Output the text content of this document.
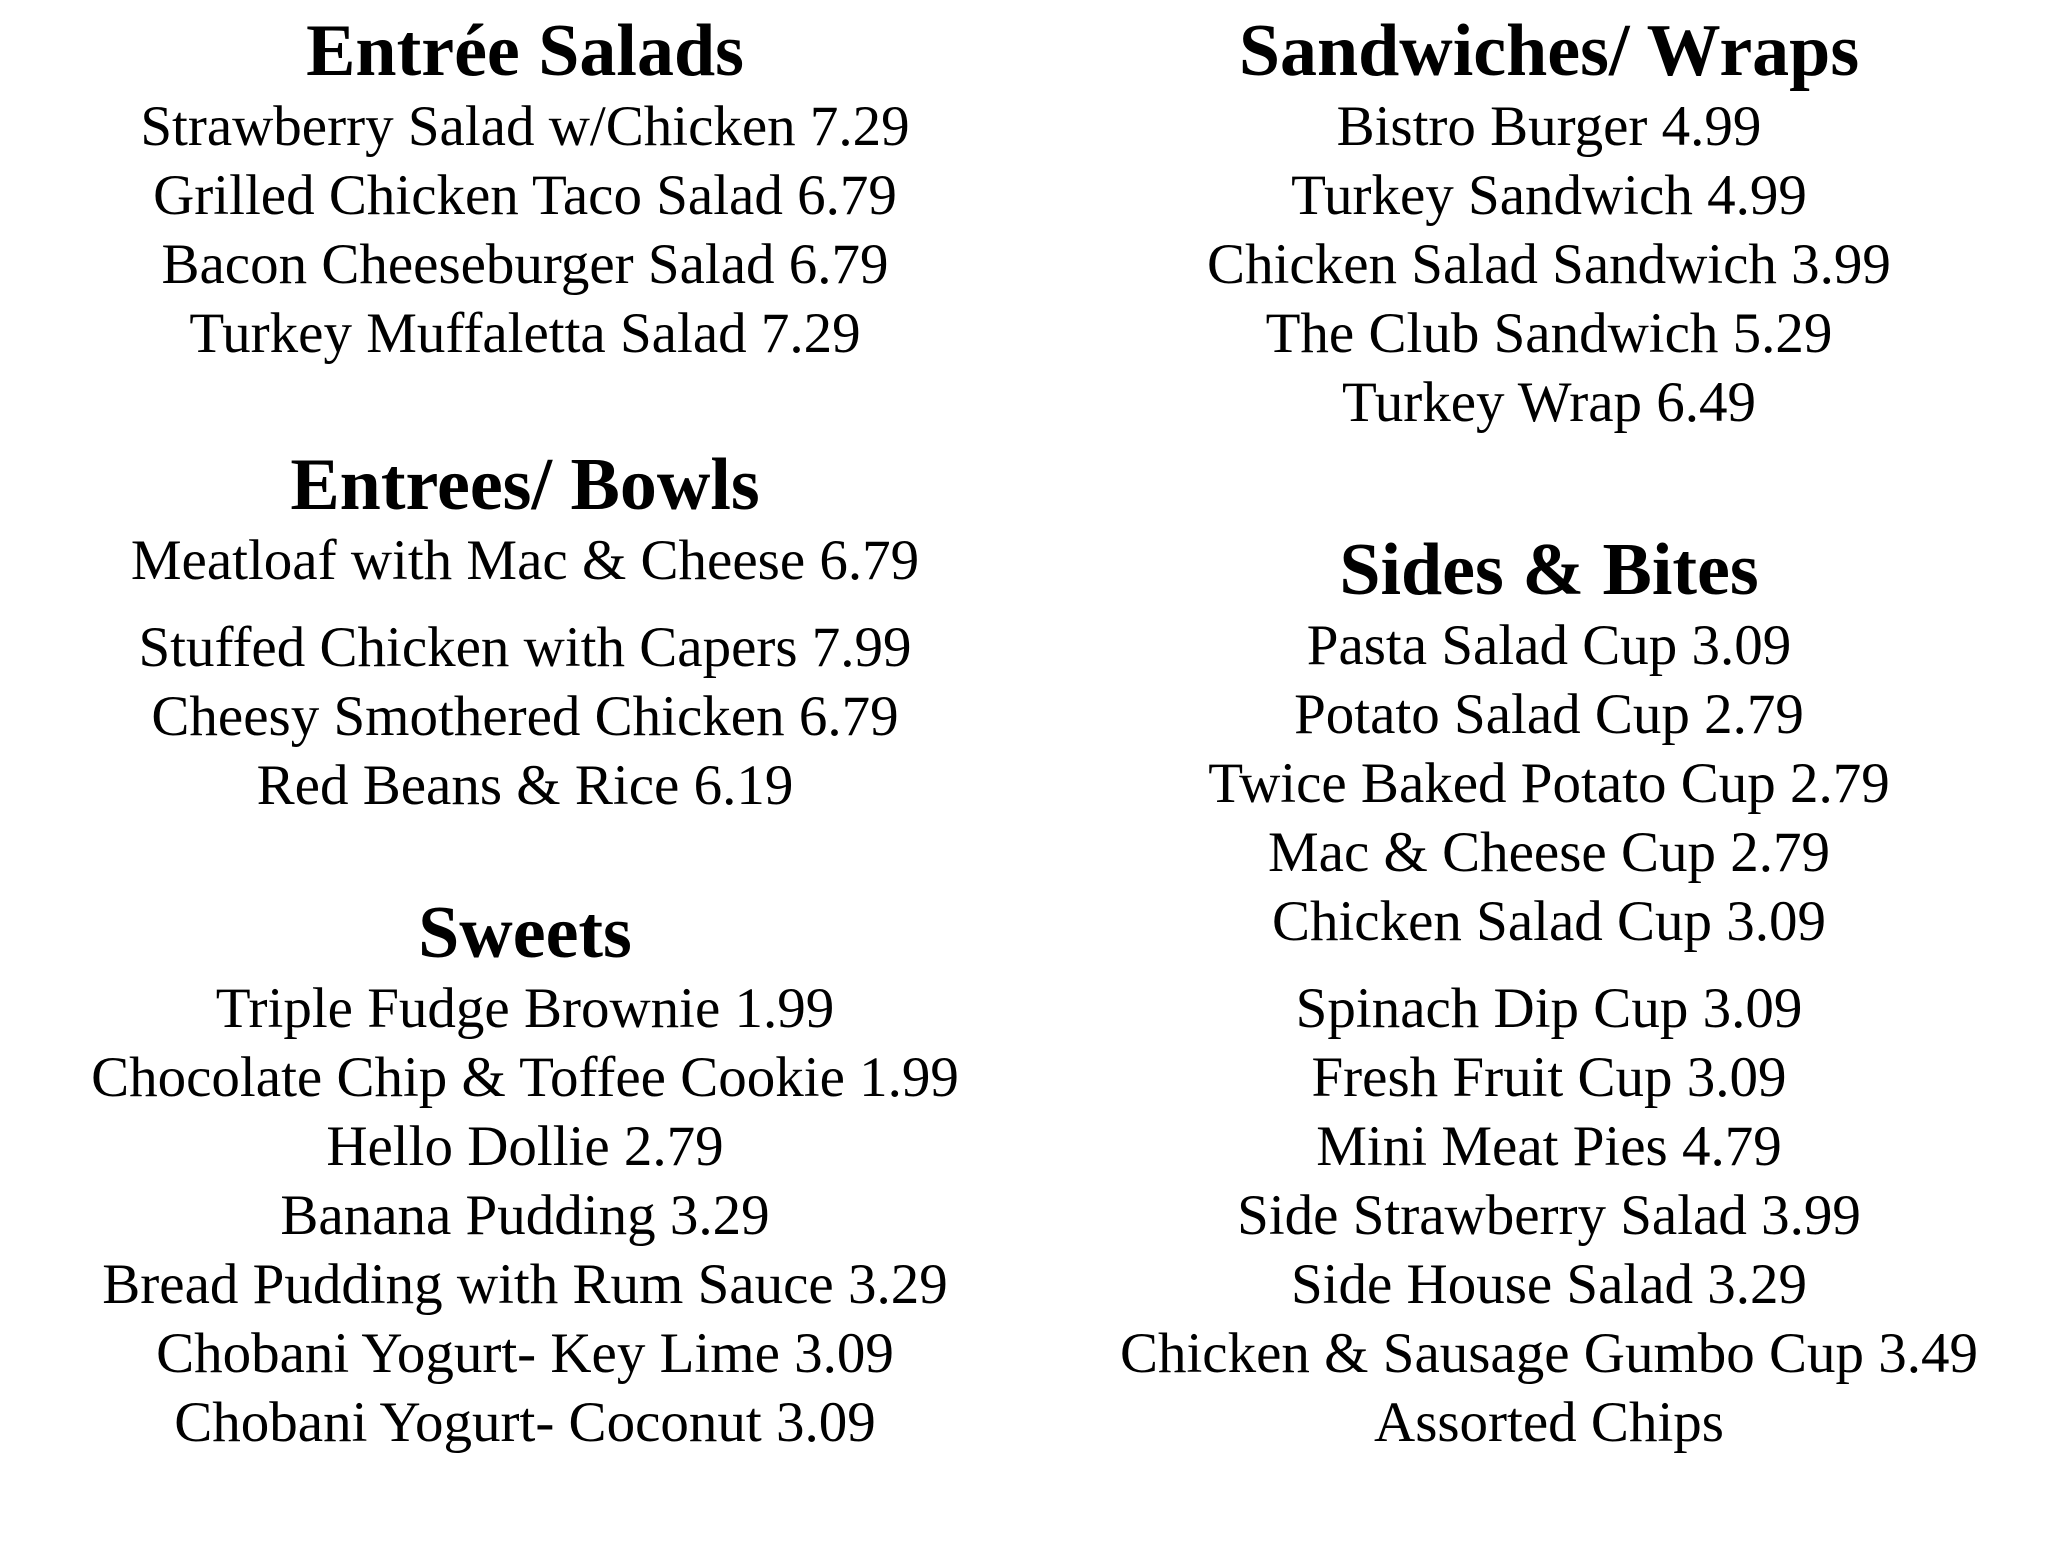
Entrée Salads
Strawberry Salad w/Chicken 7.29
Grilled Chicken Taco Salad 6.79
Bacon Cheeseburger Salad 6.79
Turkey Muffaletta Salad 7.29
Entrees/ Bowls
Meatloaf with Mac & Cheese 6.79
Stuffed Chicken with Capers 7.99
Cheesy Smothered Chicken 6.79
Red Beans & Rice 6.19
Sweets
Triple Fudge Brownie 1.99
Chocolate Chip & Toffee Cookie 1.99
Hello Dollie 2.79
Banana Pudding 3.29
Bread Pudding with Rum Sauce 3.29
Chobani Yogurt- Key Lime 3.09
Chobani Yogurt- Coconut 3.09
Sandwiches/ Wraps
Bistro Burger 4.99
Turkey Sandwich 4.99
Chicken Salad Sandwich 3.99
The Club Sandwich 5.29
Turkey Wrap 6.49
Sides & Bites
Pasta Salad Cup 3.09
Potato Salad Cup 2.79
Twice Baked Potato Cup 2.79
Mac & Cheese Cup 2.79
Chicken Salad Cup 3.09
Spinach Dip Cup 3.09
Fresh Fruit Cup 3.09
Mini Meat Pies 4.79
Side Strawberry Salad 3.99
Side House Salad 3.29
Chicken & Sausage Gumbo Cup 3.49
Assorted Chips
